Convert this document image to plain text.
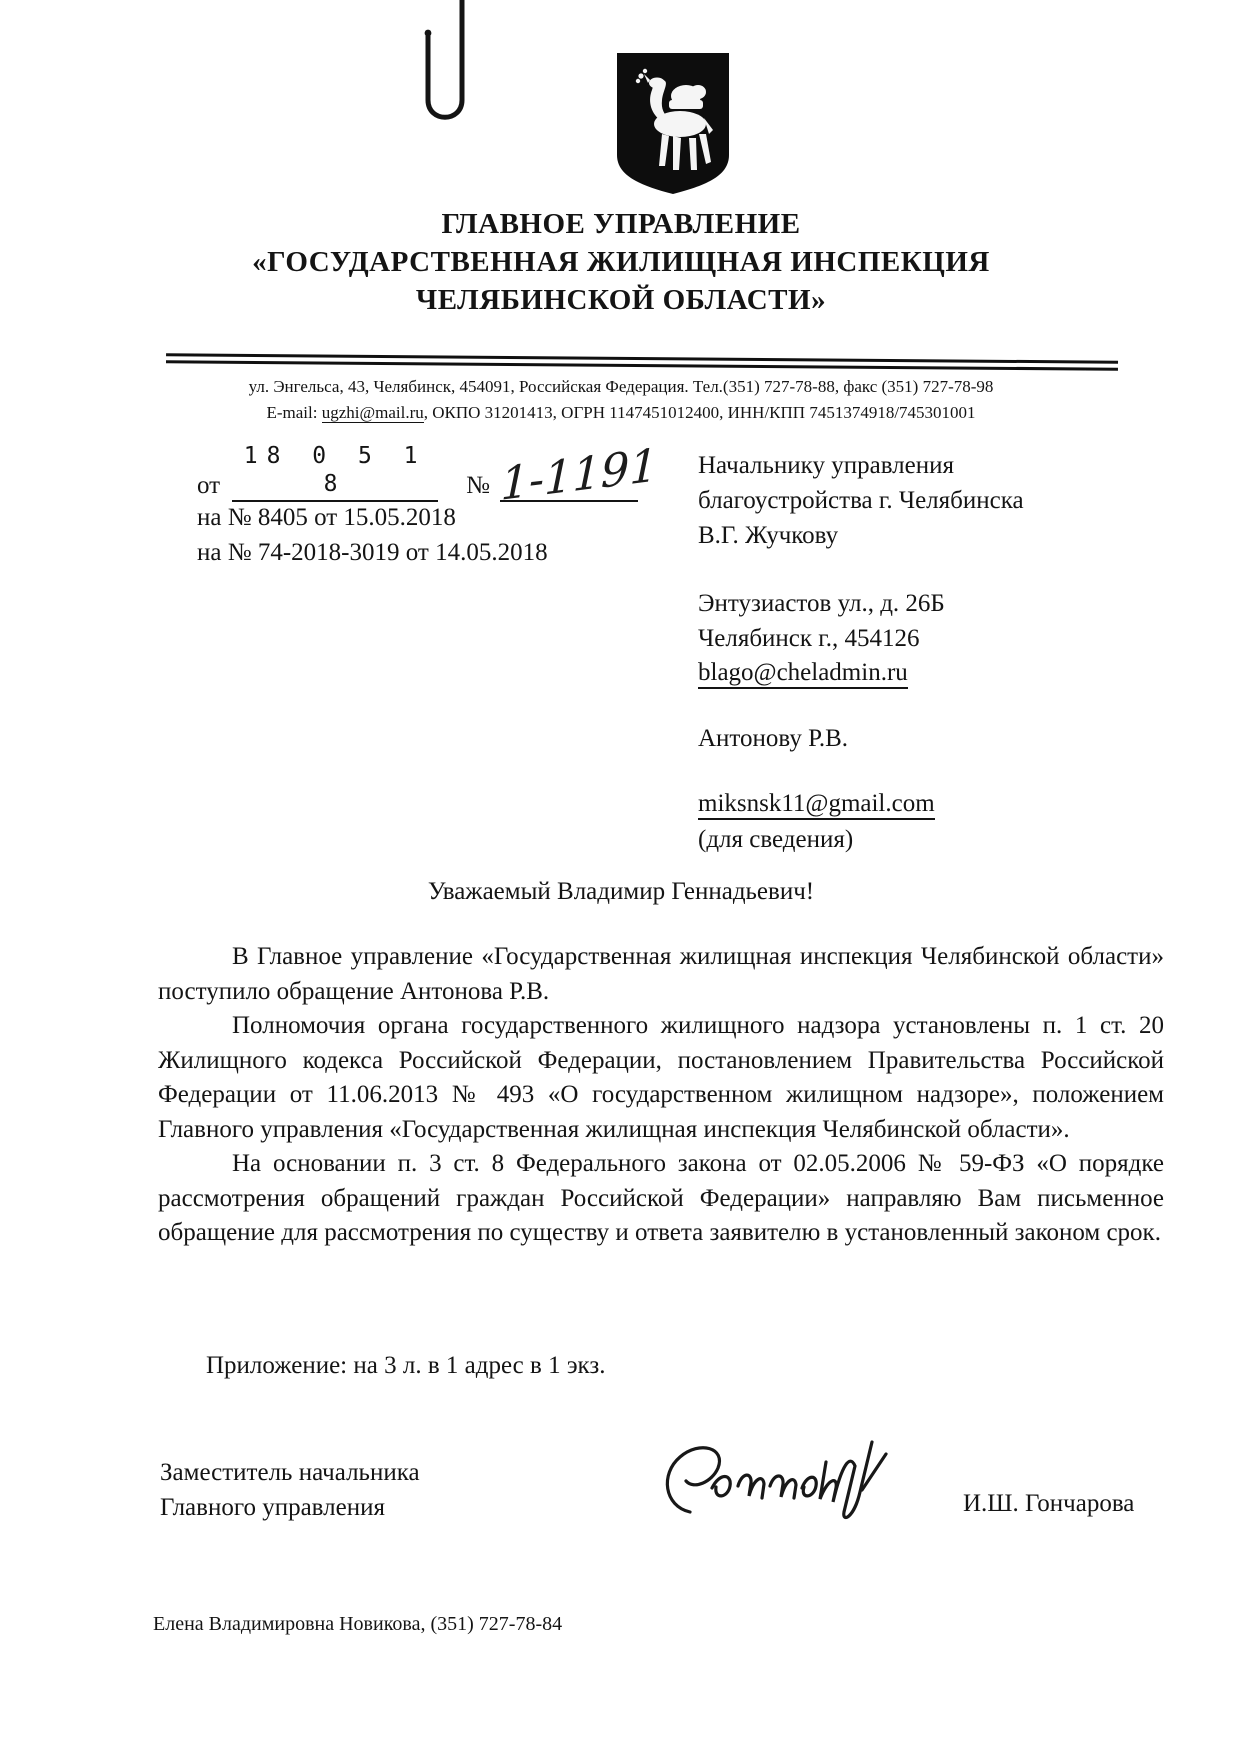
ГЛАВНОЕ УПРАВЛЕНИЕ
«ГОСУДАРСТВЕННАЯ ЖИЛИЩНАЯ ИНСПЕКЦИЯ
ЧЕЛЯБИНСКОЙ ОБЛАСТИ»
ул. Энгельса, 43, Челябинск, 454091, Российская Федерация. Тел.(351) 727-78-88, факс (351) 727-78-98
E-mail: ugzhi@mail.ru, ОКПО 31201413, ОГРН 1147451012400, ИНН/КПП 7451374918/745301001
от
18 0 5 1 8	№ 1-1191
на № 8405 от 15.05.2018
на № 74-2018-3019 от 14.05.2018
Начальнику управления
благоустройства г. Челябинска
В.Г. Жучкову
Энтузиастов ул., д. 26Б
Челябинск г., 454126
blago@cheladmin.ru
Антонову Р.В.
miksnsk11@gmail.com
(для сведения)
Уважаемый Владимир Геннадьевич!

В Главное управление «Государственная жилищная инспекция Челябинской области» поступило обращение Антонова Р.В.

Полномочия органа государственного жилищного надзора установлены п. 1 ст. 20 Жилищного кодекса Российской Федерации, постановлением Правительства Российской Федерации от 11.06.2013 № 493 «О государственном жилищном надзоре», положением Главного управления «Государственная жилищная инспекция Челябинской области».

На основании п. 3 ст. 8 Федерального закона от 02.05.2006 № 59-ФЗ «О порядке рассмотрения обращений граждан Российской Федерации» направляю Вам письменное обращение для рассмотрения по существу и ответа заявителю в установленный законом срок.

Приложение: на 3 л. в 1 адрес в 1 экз.
Заместитель начальника
Главного управления	И.Ш. Гончарова
Елена Владимировна Новикова, (351) 727-78-84
